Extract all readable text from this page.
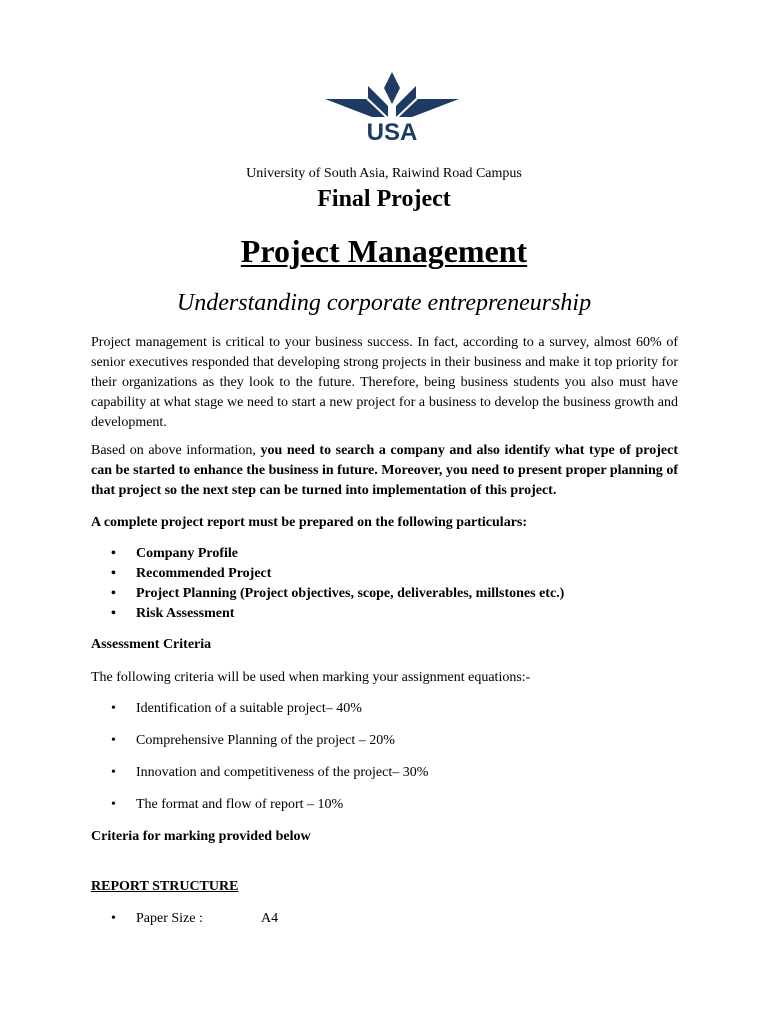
USA
University of South Asia, Raiwind Road Campus
Final Project
Project Management
Understanding corporate entrepreneurship

Project management is critical to your business success. In fact, according to a survey, almost 60% of senior executives responded that developing strong projects in their business and make it top priority for their organizations as they look to the future. Therefore, being business students you also must have capability at what stage we need to start a new project for a business to develop the business growth and development.

Based on above information, you need to search a company and also identify what type of project can be started to enhance the business in future. Moreover, you need to present proper planning of that project so the next step can be turned into implementation of this project.

A complete project report must be prepared on the following particulars:

• Company Profile
• Recommended Project
• Project Planning (Project objectives, scope, deliverables, millstones etc.)
• Risk Assessment

Assessment Criteria

The following criteria will be used when marking your assignment equations:-

• Identification of a suitable project– 40%
• Comprehensive Planning of the project – 20%
• Innovation and competitiveness of the project– 30%
• The format and flow of report – 10%

Criteria for marking provided below

REPORT STRUCTURE

• Paper Size :	A4
